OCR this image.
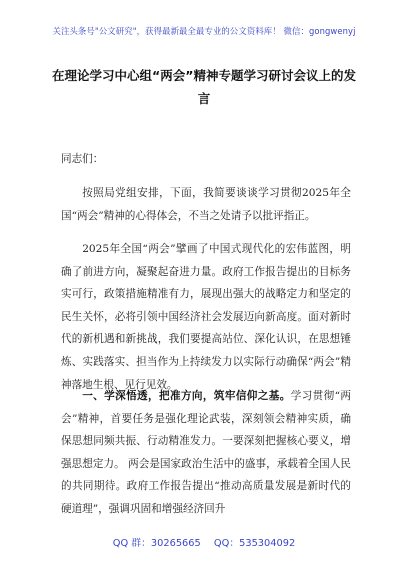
关注头条号"公文研究"，获得最新最全最专业的公文资料库！ 微信：gongwenyj
在理论学习中心组“两会”精神专题学习研讨会议上的发言
同志们：
按照局党组安排，下面，我简要谈谈学习贯彻2025年全国“两会”精神的心得体会，不当之处请予以批评指正。
2025年全国“两会”擘画了中国式现代化的宏伟蓝图，明确了前进方向，凝聚起奋进力量。政府工作报告提出的目标务实可行，政策措施精准有力，展现出强大的战略定力和坚定的民生关怀，必将引领中国经济社会发展迈向新高度。面对新时代的新机遇和新挑战，我们要提高站位、深化认识，在思想锤炼、实践落实、担当作为上持续发力以实际行动确保“两会”精神落地生根、见行见效。
一、学深悟透，把准方向，筑牢信仰之基。学习贯彻“两会”精神，首要任务是强化理论武装，深刻领会精神实质，确保思想同频共振、行动精准发力。一要深刻把握核心要义，增强思想定力。 两会是国家政治生活中的盛事，承载着全国人民的共同期待。政府工作报告提出“推动高质量发展是新时代的硬道理”，强调巩固和增强经济回升
QQ 群：30265665 QQ：535304092
